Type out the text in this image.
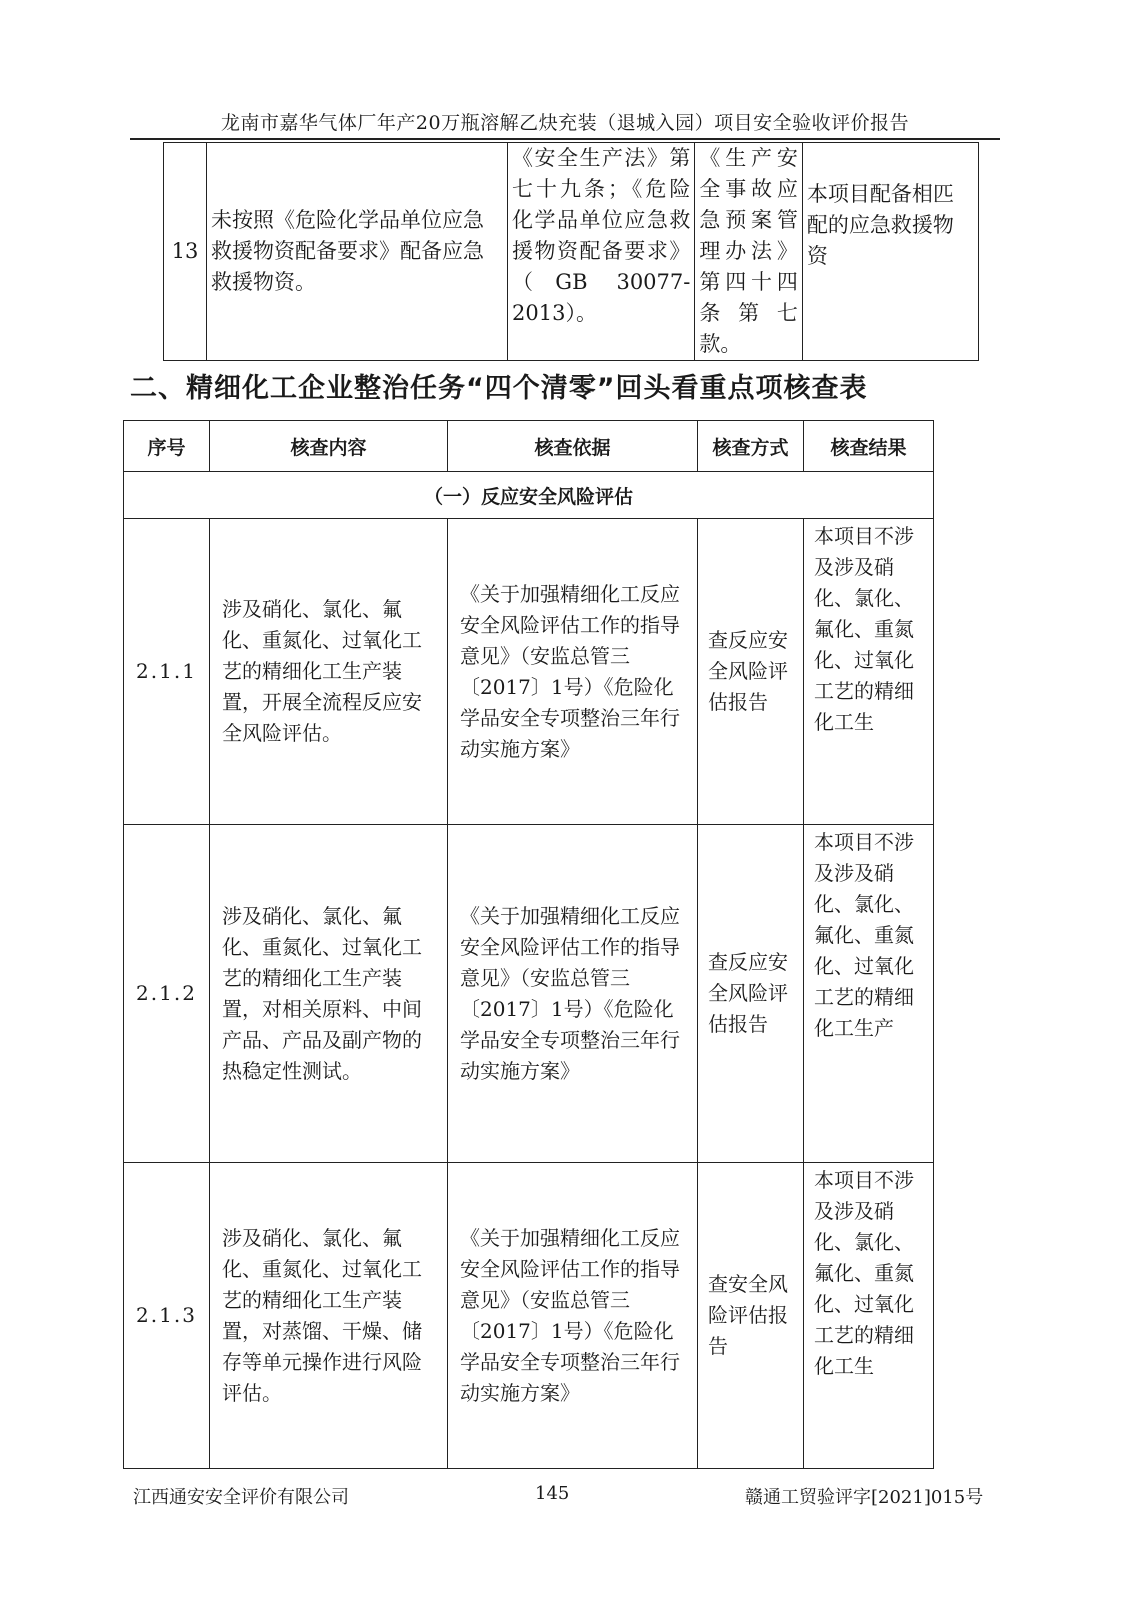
龙南市嘉华气体厂年产20万瓶溶解乙炔充装（退城入园）项目安全验收评价报告
13	未按照《危险化学品单位应急救援物资配备要求》配备应急救援物资。	《安全生产法》第七十九条；《危险化学品单位应急救援物资配备要求》（GB 30077-2013）。	《生产安全事故应急预案管理办法》第四十四条第七款。	本项目配备相匹配的应急救援物资
二、精细化工企业整治任务“四个清零”回头看重点项核查表
序号	核查内容	核查依据	核查方式	核查结果
（一）反应安全风险评估				
2.1.1	涉及硝化、氯化、氟化、重氮化、过氧化工艺的精细化工生产装置，开展全流程反应安全风险评估。	《关于加强精细化工反应安全风险评估工作的指导意见》（安监总管三〔2017〕1号）《危险化学品安全专项整治三年行动实施方案》	查反应安全风险评估报告	本项目不涉及涉及硝化、氯化、氟化、重氮化、过氧化工艺的精细化工生

2.1.2	涉及硝化、氯化、氟化、重氮化、过氧化工艺的精细化工生产装置，对相关原料、中间产品、产品及副产物的热稳定性测试。	《关于加强精细化工反应安全风险评估工作的指导意见》（安监总管三〔2017〕1号）《危险化学品安全专项整治三年行动实施方案》	查反应安全风险评估报告	本项目不涉及涉及硝化、氯化、氟化、重氮化、过氧化工艺的精细化工生产

2.1.3	涉及硝化、氯化、氟化、重氮化、过氧化工艺的精细化工生产装置，对蒸馏、干燥、储存等单元操作进行风险评估。	《关于加强精细化工反应安全风险评估工作的指导意见》（安监总管三〔2017〕1号）《危险化学品安全专项整治三年行动实施方案》	查安全风险评估报告	本项目不涉及涉及硝化、氯化、氟化、重氮化、过氧化工艺的精细化工生
江西通安安全评价有限公司	145	赣通工贸验评字[2021]015号
